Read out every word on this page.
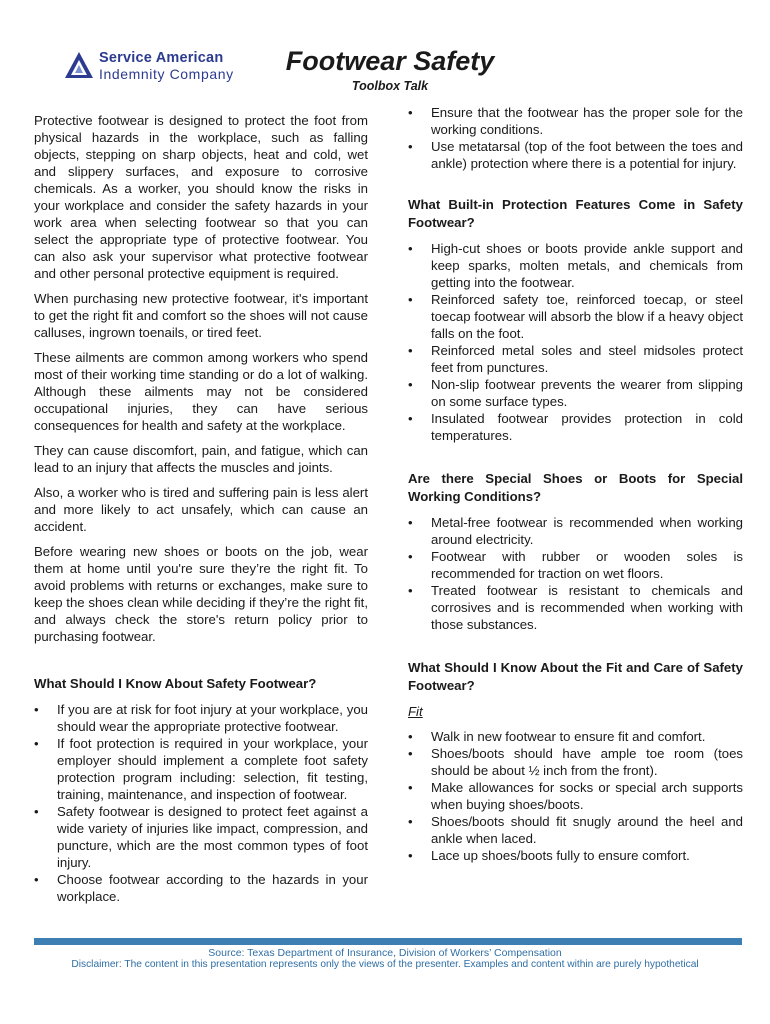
Service American
Indemnity Company	Footwear Safety
Toolbox Talk

Protective footwear is designed to protect the foot from physical hazards in the workplace, such as falling objects, stepping on sharp objects, heat and cold, wet and slippery surfaces, and exposure to corrosive chemicals. As a worker, you should know the risks in your workplace and consider the safety hazards in your work area when selecting footwear so that you can select the appropriate type of protective footwear. You can also ask your supervisor what protective footwear and other personal protective equipment is required.

When purchasing new protective footwear, it's important to get the right fit and comfort so the shoes will not cause calluses, ingrown toenails, or tired feet.

These ailments are common among workers who spend most of their working time standing or do a lot of walking. Although these ailments may not be considered occupational injuries, they can have serious consequences for health and safety at the workplace.

They can cause discomfort, pain, and fatigue, which can lead to an injury that affects the muscles and joints.

Also, a worker who is tired and suffering pain is less alert and more likely to act unsafely, which can cause an accident.

Before wearing new shoes or boots on the job, wear them at home until you're sure they’re the right fit. To avoid problems with returns or exchanges, make sure to keep the shoes clean while deciding if they’re the right fit, and always check the store's return policy prior to purchasing footwear.

What Should I Know About Safety Footwear?
• If you are at risk for foot injury at your workplace, you should wear the appropriate protective footwear.
• If foot protection is required in your workplace, your employer should implement a complete foot safety protection program including: selection, fit testing, training, maintenance, and inspection of footwear.
• Safety footwear is designed to protect feet against a wide variety of injuries like impact, compression, and puncture, which are the most common types of foot injury.
• Choose footwear according to the hazards in your workplace.
• Ensure that the footwear has the proper sole for the working conditions.
• Use metatarsal (top of the foot between the toes and ankle) protection where there is a potential for injury.
What Built-in Protection Features Come in Safety Footwear?
• High-cut shoes or boots provide ankle support and keep sparks, molten metals, and chemicals from getting into the footwear.
• Reinforced safety toe, reinforced toecap, or steel toecap footwear will absorb the blow if a heavy object falls on the foot.
• Reinforced metal soles and steel midsoles protect feet from punctures.
• Non-slip footwear prevents the wearer from slipping on some surface types.
• Insulated footwear provides protection in cold temperatures.
Are there Special Shoes or Boots for Special Working Conditions?
• Metal-free footwear is recommended when working around electricity.
• Footwear with rubber or wooden soles is recommended for traction on wet floors.
• Treated footwear is resistant to chemicals and corrosives and is recommended when working with those substances.
What Should I Know About the Fit and Care of Safety Footwear?

Fit

• Walk in new footwear to ensure fit and comfort.
• Shoes/boots should have ample toe room (toes should be about ½ inch from the front).
• Make allowances for socks or special arch supports when buying shoes/boots.
• Shoes/boots should fit snugly around the heel and ankle when laced.
• Lace up shoes/boots fully to ensure comfort.
Source: Texas Department of Insurance, Division of Workers’ Compensation
Disclaimer: The content in this presentation represents only the views of the presenter. Examples and content within are purely hypothetical
